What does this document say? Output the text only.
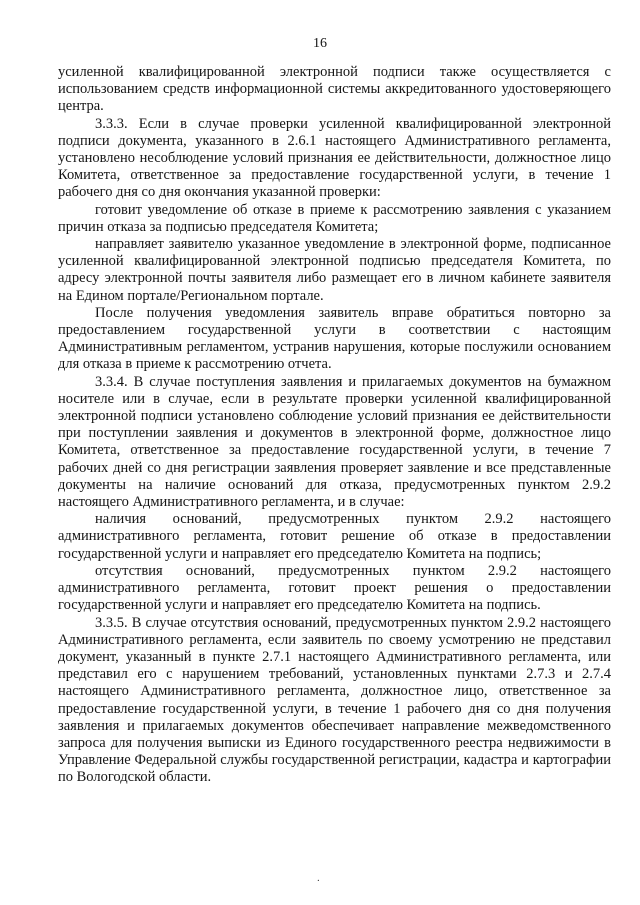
16

усиленной квалифицированной электронной подписи также осуществляется с использованием средств информационной системы аккредитованного удостоверяющего центра.

3.3.3. Если в случае проверки усиленной квалифицированной электронной подписи документа, указанного в 2.6.1 настоящего Административного регламента, установлено несоблюдение условий признания ее действительности, должностное лицо Комитета, ответственное за предоставление государственной услуги, в течение 1 рабочего дня со дня окончания указанной проверки:

готовит уведомление об отказе в приеме к рассмотрению заявления с указанием причин отказа за подписью председателя Комитета;

направляет заявителю указанное уведомление в электронной форме, подписанное усиленной квалифицированной электронной подписью председателя Комитета, по адресу электронной почты заявителя либо размещает его в личном кабинете заявителя на Едином портале/Региональном портале.

После получения уведомления заявитель вправе обратиться повторно за предоставлением государственной услуги в соответствии с настоящим Административным регламентом, устранив нарушения, которые послужили основанием для отказа в приеме к рассмотрению отчета.

3.3.4. В случае поступления заявления и прилагаемых документов на бумажном носителе или в случае, если в результате проверки усиленной квалифицированной электронной подписи установлено соблюдение условий признания ее действительности при поступлении заявления и документов в электронной форме, должностное лицо Комитета, ответственное за предоставление государственной услуги, в течение 7 рабочих дней со дня регистрации заявления проверяет заявление и все представленные документы на наличие оснований для отказа, предусмотренных пунктом 2.9.2 настоящего Административного регламента, и в случае:

наличия оснований, предусмотренных пунктом 2.9.2 настоящего административного регламента, готовит решение об отказе в предоставлении государственной услуги и направляет его председателю Комитета на подпись;

отсутствия оснований, предусмотренных пунктом 2.9.2 настоящего административного регламента, готовит проект решения о предоставлении государственной услуги и направляет его председателю Комитета на подпись.

3.3.5. В случае отсутствия оснований, предусмотренных пунктом 2.9.2 настоящего Административного регламента, если заявитель по своему усмотрению не представил документ, указанный в пункте 2.7.1 настоящего Административного регламента, или представил его с нарушением требований, установленных пунктами 2.7.3 и 2.7.4 настоящего Административного регламента, должностное лицо, ответственное за предоставление государственной услуги, в течение 1 рабочего дня со дня получения заявления и прилагаемых документов обеспечивает направление межведомственного запроса для получения выписки из Единого государственного реестра недвижимости в Управление Федеральной службы государственной регистрации, кадастра и картографии по Вологодской области.

.
